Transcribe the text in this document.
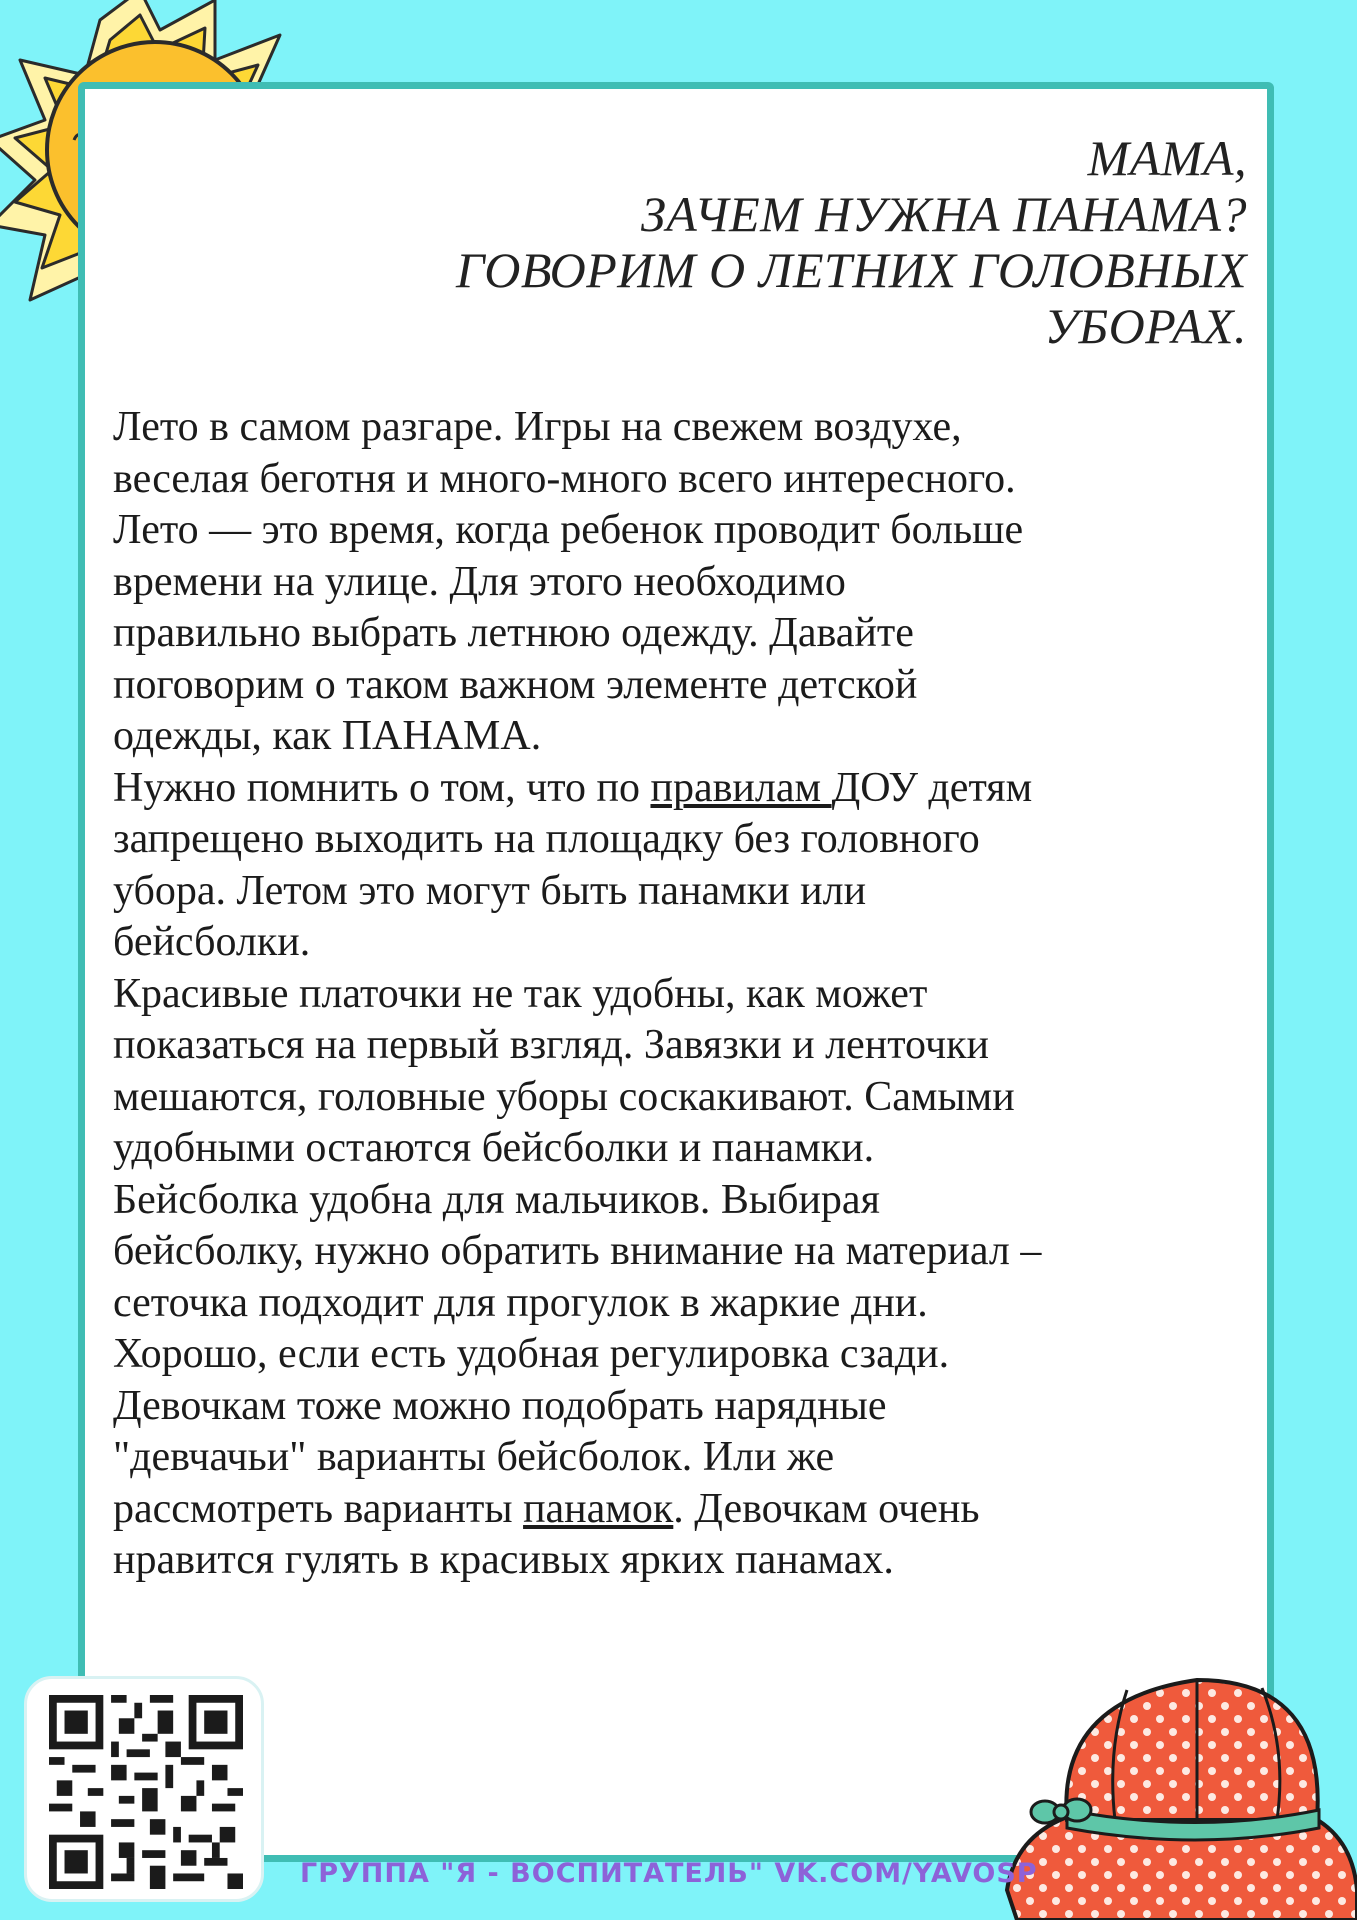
МАМА,
ЗАЧЕМ НУЖНА ПАНАМА?
ГОВОРИМ О ЛЕТНИХ ГОЛОВНЫХ
УБОРАХ.

Лето в самом разгаре. Игры на свежем воздухе,

веселая беготня и много-много всего интересного.

Лето — это время, когда ребенок проводит больше

времени на улице. Для этого необходимо

правильно выбрать летнюю одежду. Давайте

поговорим о таком важном элементе детской

одежды, как ПАНАМА.

Нужно помнить о том, что по правилам ДОУ детям

запрещено выходить на площадку без головного

убора. Летом это могут быть панамки или

бейсболки.

Красивые платочки не так удобны, как может

показаться на первый взгляд. Завязки и ленточки

мешаются, головные уборы соскакивают. Самыми

удобными остаются бейсболки и панамки.

Бейсболка удобна для мальчиков. Выбирая

бейсболку, нужно обратить внимание на материал –

сеточка подходит для прогулок в жаркие дни.

Хорошо, если есть удобная регулировка сзади.

Девочкам тоже можно подобрать нарядные

"девчачьи" варианты бейсболок. Или же

рассмотреть варианты панамок. Девочкам очень

нравится гулять в красивых ярких панамах.

ГРУППА "Я - ВОСПИТАТЕЛЬ" VK.COM/YAVOSP
